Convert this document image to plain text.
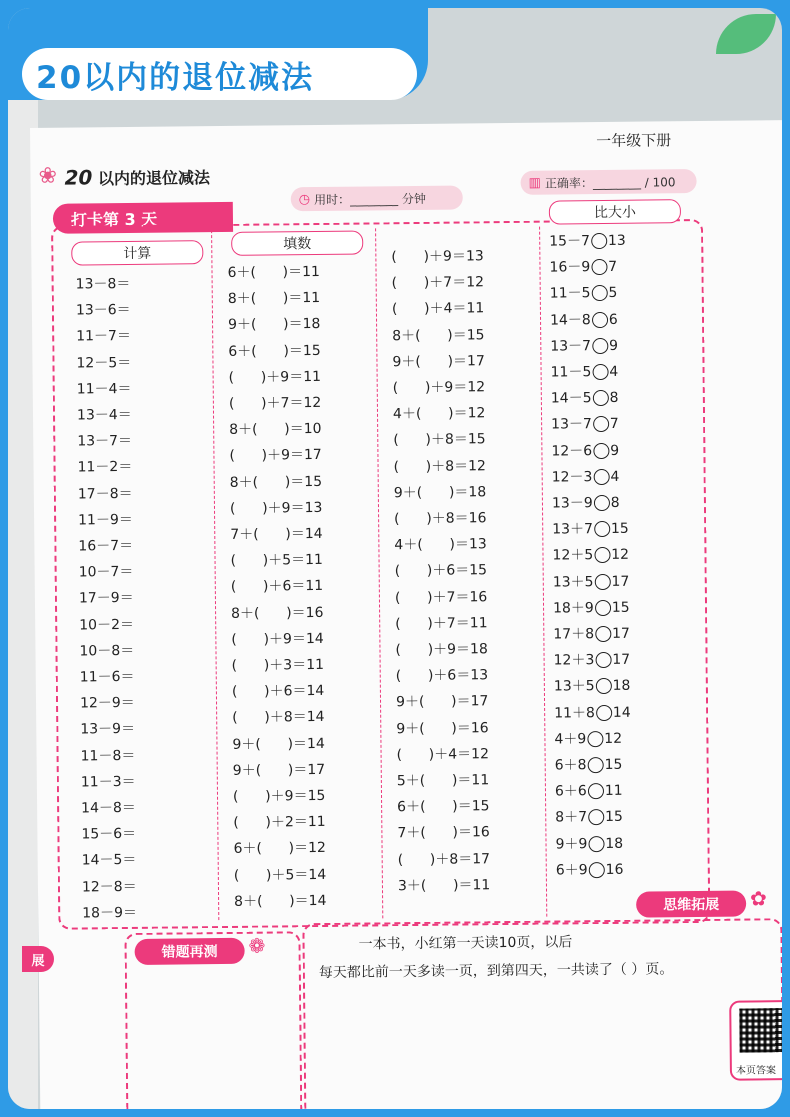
一年级下册
❀ 20 以内的退位减法
打卡第 3 天
◷ 用时：________ 分钟
▥ 正确率：________ / 100
计算
填数
比大小
13－8＝
13－6＝
11－7＝
12－5＝
11－4＝
13－4＝
13－7＝
11－2＝
17－8＝
11－9＝
16－7＝
10－7＝
17－9＝
10－2＝
10－8＝
11－6＝
12－9＝
13－9＝
11－8＝
11－3＝
14－8＝
15－6＝
14－5＝
12－8＝
18－9＝
6＋(      )＝11
8＋(      )＝11
9＋(      )＝18
6＋(      )＝15
(      )＋9＝11
(      )＋7＝12
8＋(      )＝10
(      )＋9＝17
8＋(      )＝15
(      )＋9＝13
7＋(      )＝14
(      )＋5＝11
(      )＋6＝11
8＋(      )＝16
(      )＋9＝14
(      )＋3＝11
(      )＋6＝14
(      )＋8＝14
9＋(      )＝14
9＋(      )＝17
(      )＋9＝15
(      )＋2＝11
6＋(      )＝12
(      )＋5＝14
8＋(      )＝14
(      )＋9＝13
(      )＋7＝12
(      )＋4＝11
8＋(      )＝15
9＋(      )＝17
(      )＋9＝12
4＋(      )＝12
(      )＋8＝15
(      )＋8＝12
9＋(      )＝18
(      )＋8＝16
4＋(      )＝13
(      )＋6＝15
(      )＋7＝16
(      )＋7＝11
(      )＋9＝18
(      )＋6＝13
9＋(      )＝17
9＋(      )＝16
(      )＋4＝12
5＋(      )＝11
6＋(      )＝15
7＋(      )＝16
(      )＋8＝17
3＋(      )＝11
15－7 13
16－9 7
11－5 5
14－8 6
13－7 9
11－5 4
14－5 8
13－7 7
12－6 9
12－3 4
13－9 8
13＋7 15
12＋5 12
13＋5 17
18＋9 15
17＋8 17
12＋3 17
13＋5 18
11＋8 14
4＋9 12
6＋8 15
6＋6 11
8＋7 15
9＋9 18
6＋9 16
思维拓展	✿
错题再测	❁	一本书，小红第一天读10页，以后
每天都比前一天多读一页，到第四天，一共读了（ ）页。
本页答案
展
20以内的退位减法
